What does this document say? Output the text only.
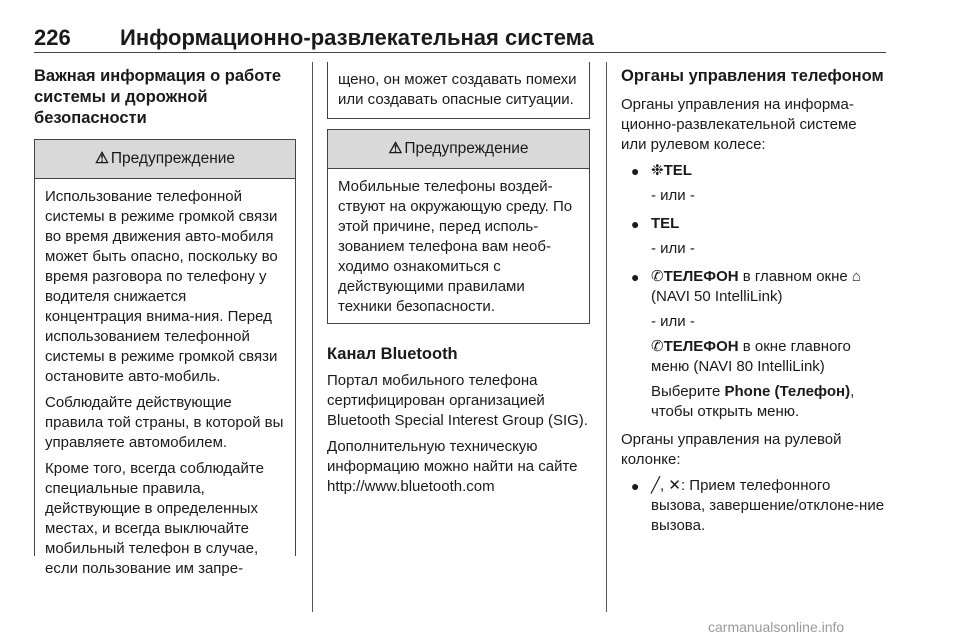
226 Информационно-развлекательная система
Важная информация о работе системы и дорожной безопасности
⚠ Предупреждение

Использование телефонной системы в режиме громкой связи во время движения авто-мобиля может быть опасно, поскольку во время разговора по телефону у водителя снижается концентрация внима-ния. Перед использованием телефонной системы в режиме громкой связи остановите авто-мобиль.

Соблюдайте действующие правила той страны, в которой вы управляете автомобилем.

Кроме того, всегда соблюдайте специальные правила, действующие в определенных местах, и всегда выключайте мобильный телефон в случае, если пользование им запре-

щено, он может создавать помехи или создавать опасные ситуации.

⚠ Предупреждение

Мобильные телефоны воздей-ствуют на окружающую среду. По этой причине, перед исполь-зованием телефона вам необ-ходимо ознакомиться с действующими правилами техники безопасности.

Канал Bluetooth

Портал мобильного телефона сертифицирован организацией Bluetooth Special Interest Group (SIG).

Дополнительную техническую информацию можно найти на сайте http://www.bluetooth.com

Органы управления телефоном

Органы управления на информа-ционно-развлекательной системе или рулевом колесе:

● ❉TEL
- или -
● TEL
- или -
● ✆ТЕЛЕФОН в главном окне ⌂
(NAVI 50 IntelliLink)
- или -
✆ТЕЛЕФОН в окне главного меню (NAVI 80 IntelliLink)
Выберите Phone (Телефон), чтобы открыть меню.

Органы управления на рулевой колонке:

● ╱, ✕: Прием телефонного вызова, завершение/отклоне-ние вызова.
carmanualsonline.info
